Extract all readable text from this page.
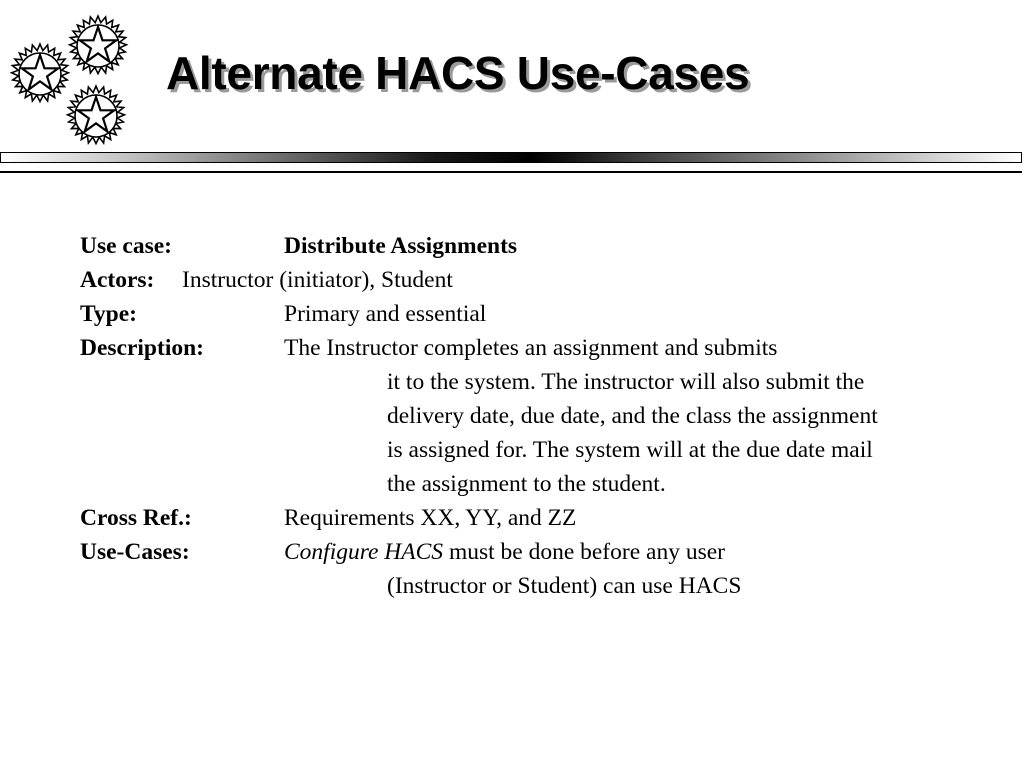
Alternate HACS Use-Cases
Use case:	Distribute Assignments
Actors: Instructor (initiator), Student
Type:	Primary and essential
Description:	The Instructor completes an assignment and submits
it to the system. The instructor will also submit the
delivery date, due date, and the class the assignment
is assigned for. The system will at the due date mail
the assignment to the student.
Cross Ref.:	Requirements XX, YY, and ZZ
Use-Cases:	Configure HACS must be done before any user
(Instructor or Student) can use HACS
